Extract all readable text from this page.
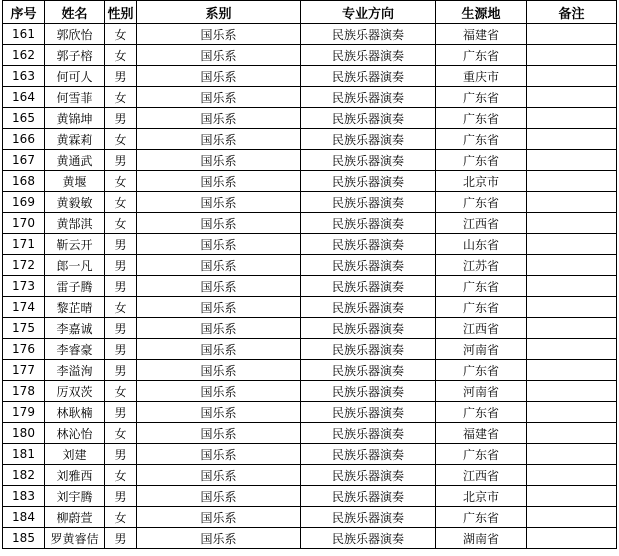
序号	姓名	性别	系别	专业方向	生源地	备注
161	郭欣怡	女	国乐系	民族乐器演奏	福建省	
162	郭子榕	女	国乐系	民族乐器演奏	广东省	
163	何可人	男	国乐系	民族乐器演奏	重庆市	
164	何雪菲	女	国乐系	民族乐器演奏	广东省	
165	黄锦坤	男	国乐系	民族乐器演奏	广东省	
166	黄霖莉	女	国乐系	民族乐器演奏	广东省	
167	黄通武	男	国乐系	民族乐器演奏	广东省	
168	黄堰	女	国乐系	民族乐器演奏	北京市	
169	黄毅敏	女	国乐系	民族乐器演奏	广东省	
170	黄郜淇	女	国乐系	民族乐器演奏	江西省	
171	靳云开	男	国乐系	民族乐器演奏	山东省	
172	郎一凡	男	国乐系	民族乐器演奏	江苏省	
173	雷子腾	男	国乐系	民族乐器演奏	广东省	
174	黎芷晴	女	国乐系	民族乐器演奏	广东省	
175	李嘉诚	男	国乐系	民族乐器演奏	江西省	
176	李睿豪	男	国乐系	民族乐器演奏	河南省	
177	李溢洵	男	国乐系	民族乐器演奏	广东省	
178	厉双茨	女	国乐系	民族乐器演奏	河南省	
179	林耿楠	男	国乐系	民族乐器演奏	广东省	
180	林沁怡	女	国乐系	民族乐器演奏	福建省	
181	刘建	男	国乐系	民族乐器演奏	广东省	
182	刘雅西	女	国乐系	民族乐器演奏	江西省	
183	刘宇腾	男	国乐系	民族乐器演奏	北京市	
184	柳蔚萱	女	国乐系	民族乐器演奏	广东省	
185	罗黄睿佶	男	国乐系	民族乐器演奏	湖南省	
